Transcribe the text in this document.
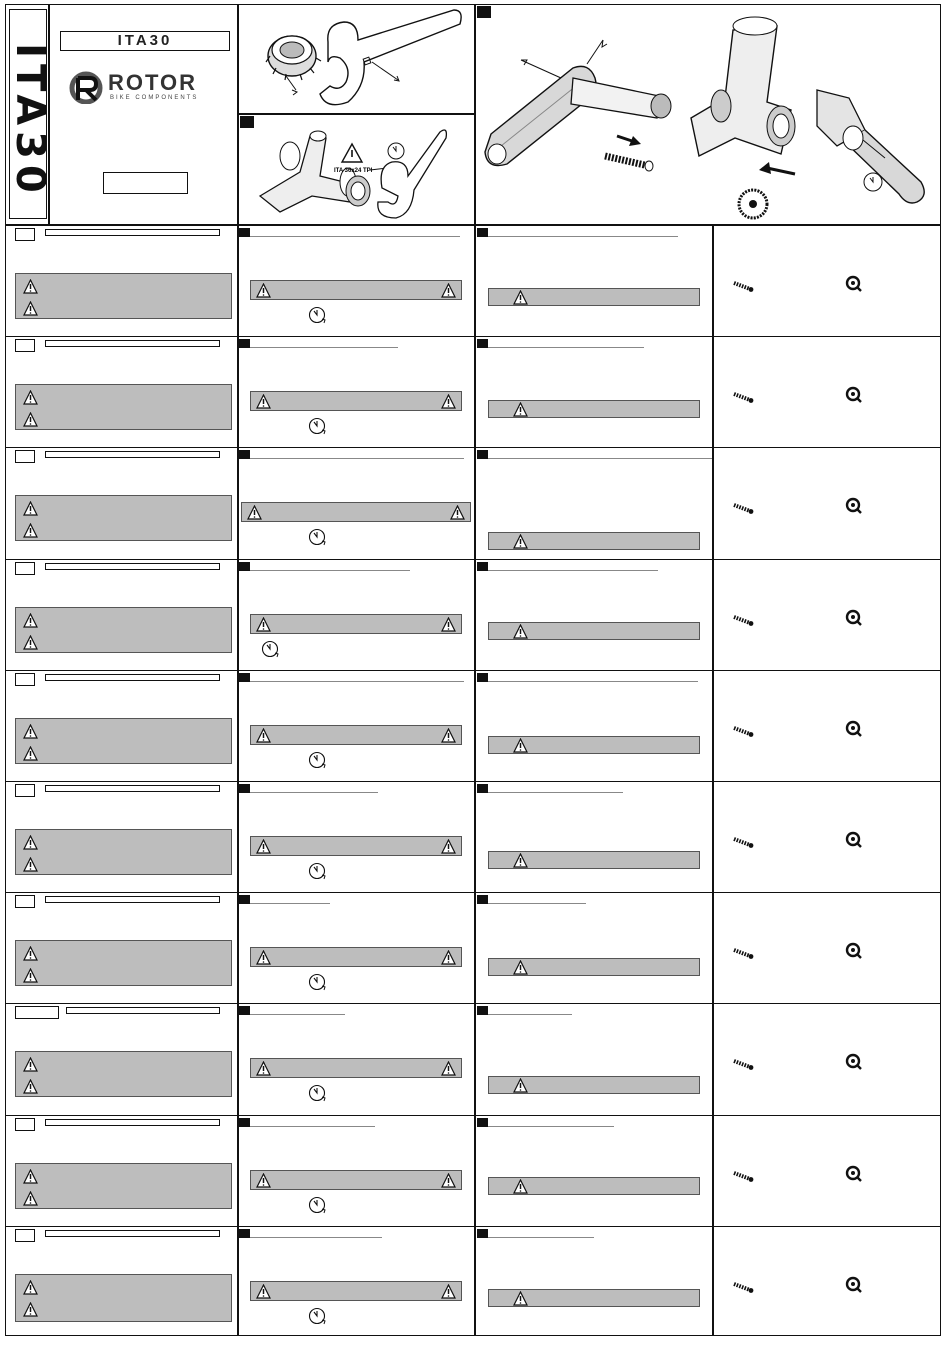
ITA30
ITA30
ROTOR
BIKE COMPONENTS
ITA 36x24 TPI
